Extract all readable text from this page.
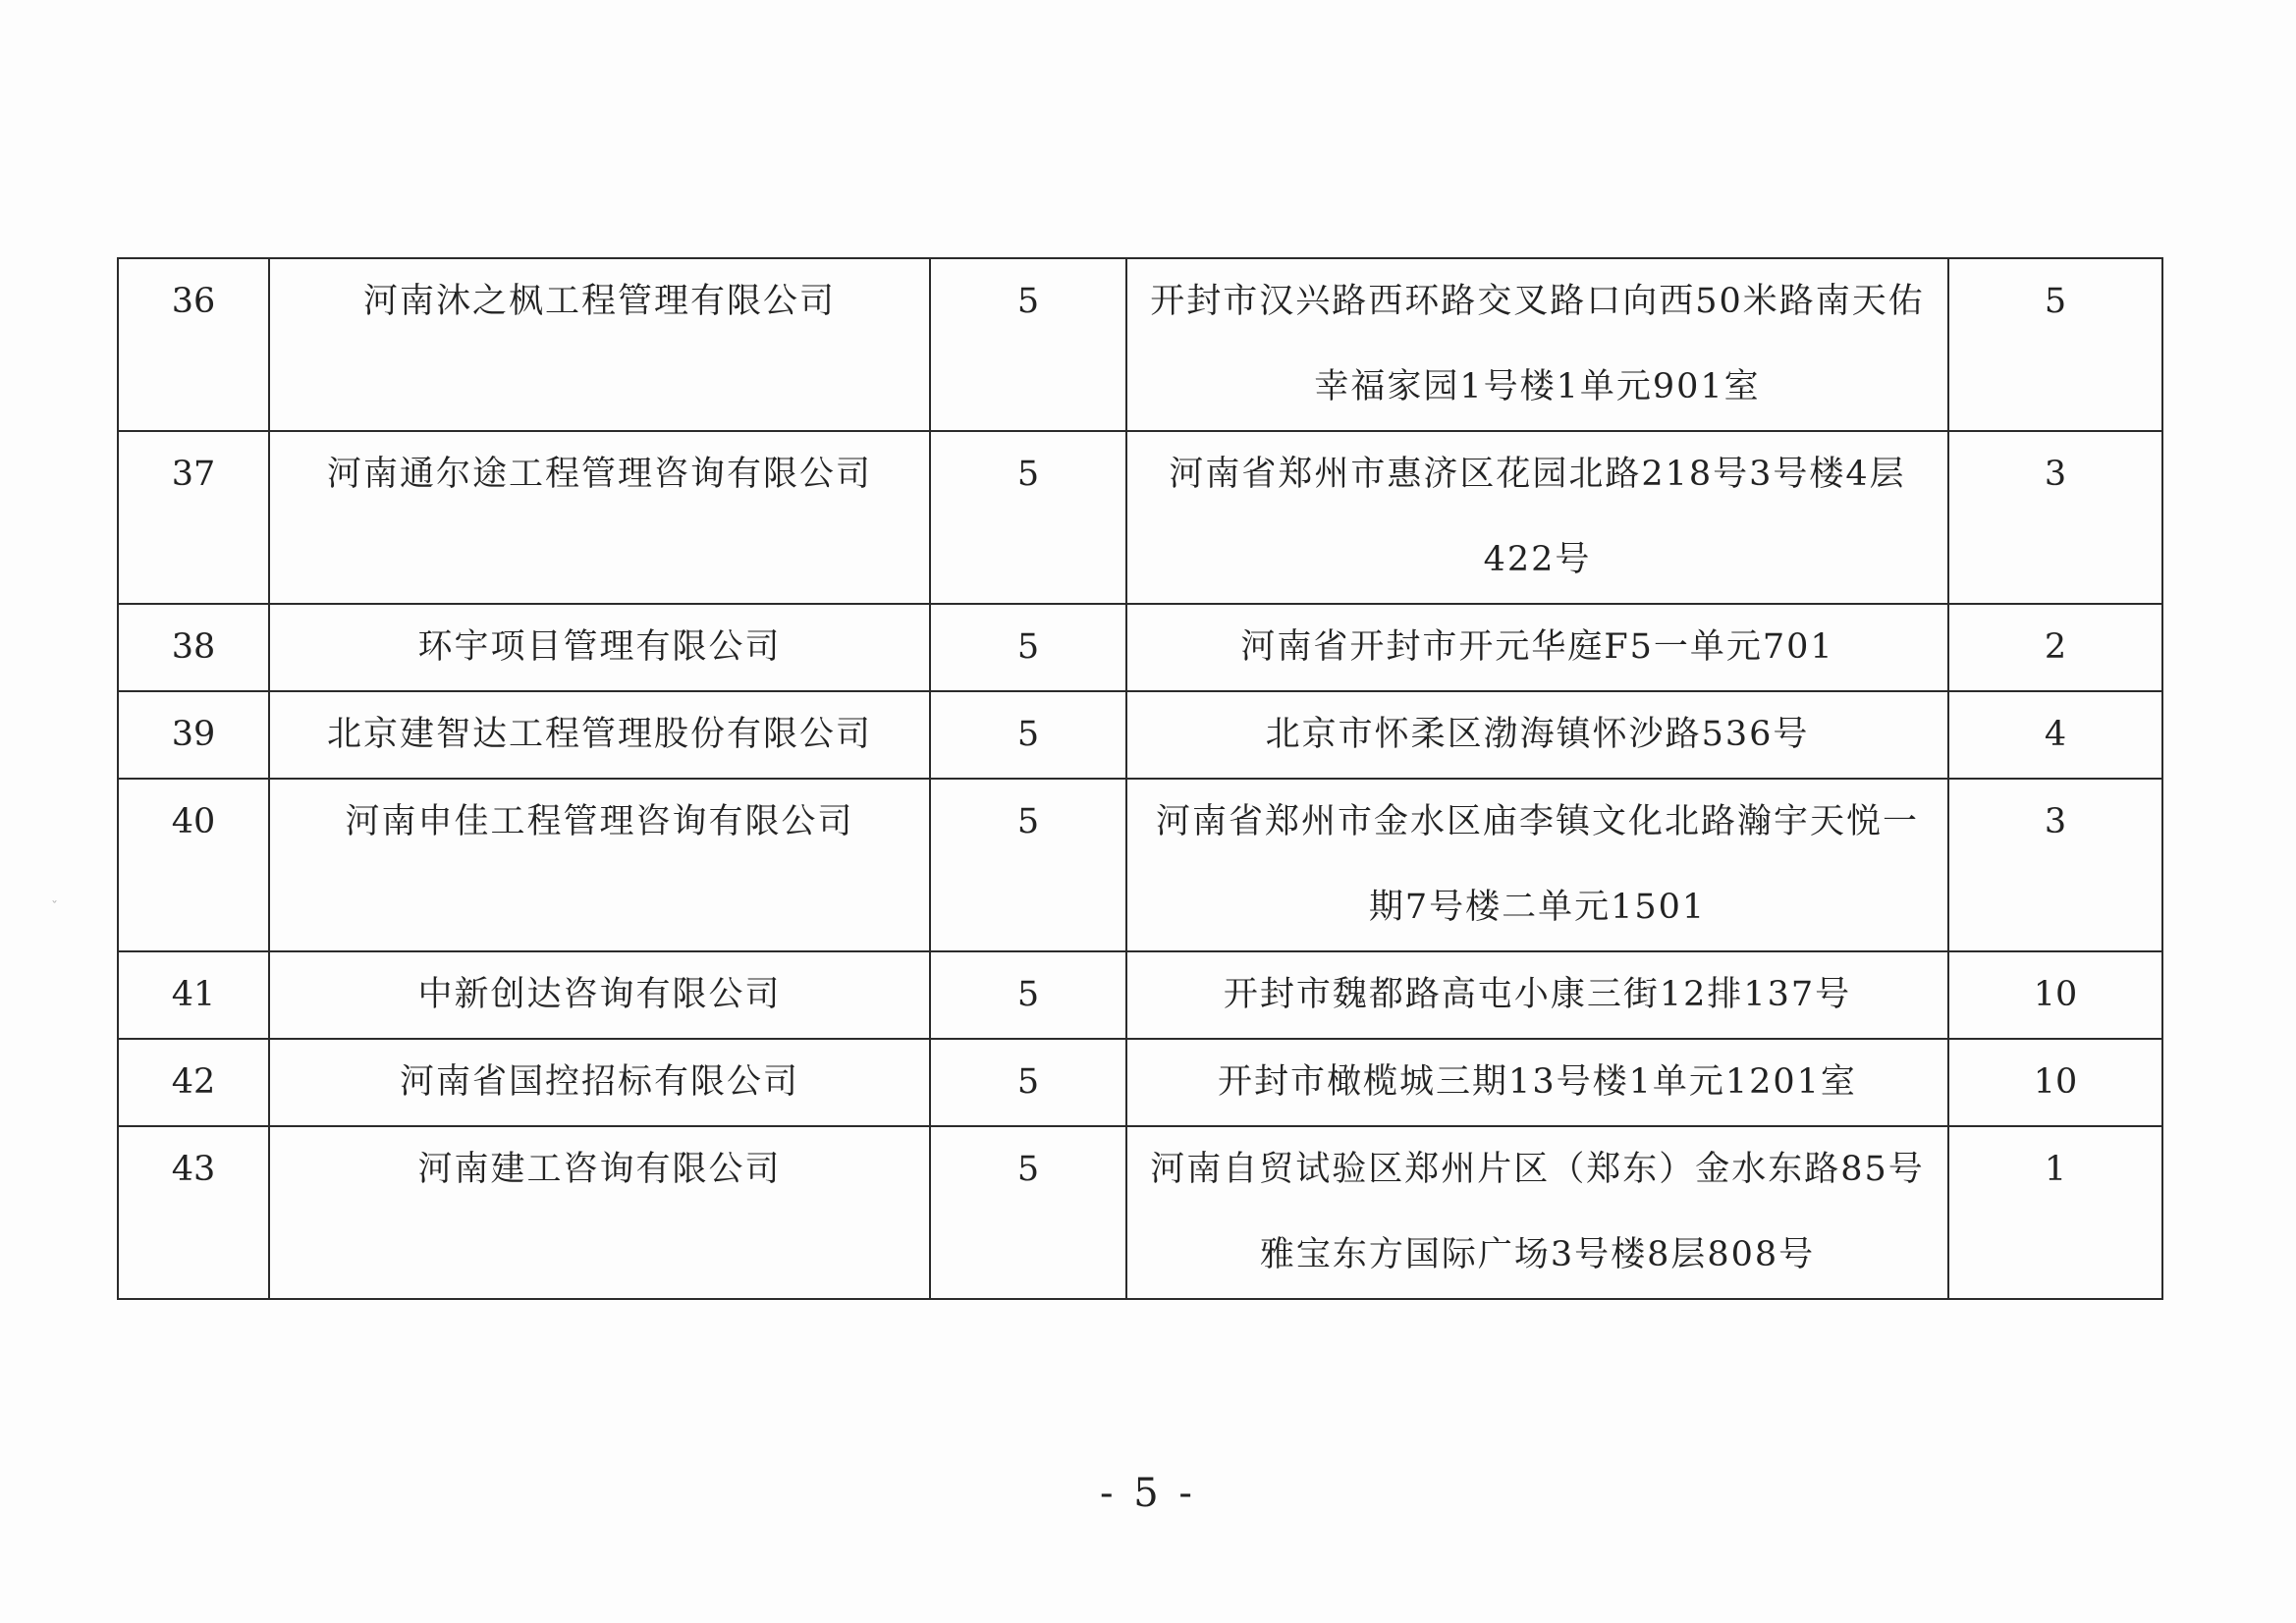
ˇ
36	河南沐之枫工程管理有限公司	5	开封市汉兴路西环路交叉路口向西50米路南天佑幸福家园1号楼1单元901室	5
37	河南通尔途工程管理咨询有限公司	5	河南省郑州市惠济区花园北路218号3号楼4层422号	3
38	环宇项目管理有限公司	5	河南省开封市开元华庭F5一单元701	2
39	北京建智达工程管理股份有限公司	5	北京市怀柔区渤海镇怀沙路536号	4
40	河南申佳工程管理咨询有限公司	5	河南省郑州市金水区庙李镇文化北路瀚宇天悦一期7号楼二单元1501	3
41	中新创达咨询有限公司	5	开封市魏都路高屯小康三街12排137号	10
42	河南省国控招标有限公司	5	开封市橄榄城三期13号楼1单元1201室	10
43	河南建工咨询有限公司	5	河南自贸试验区郑州片区（郑东）金水东路85号雅宝东方国际广场3号楼8层808号	1
- 5 -
